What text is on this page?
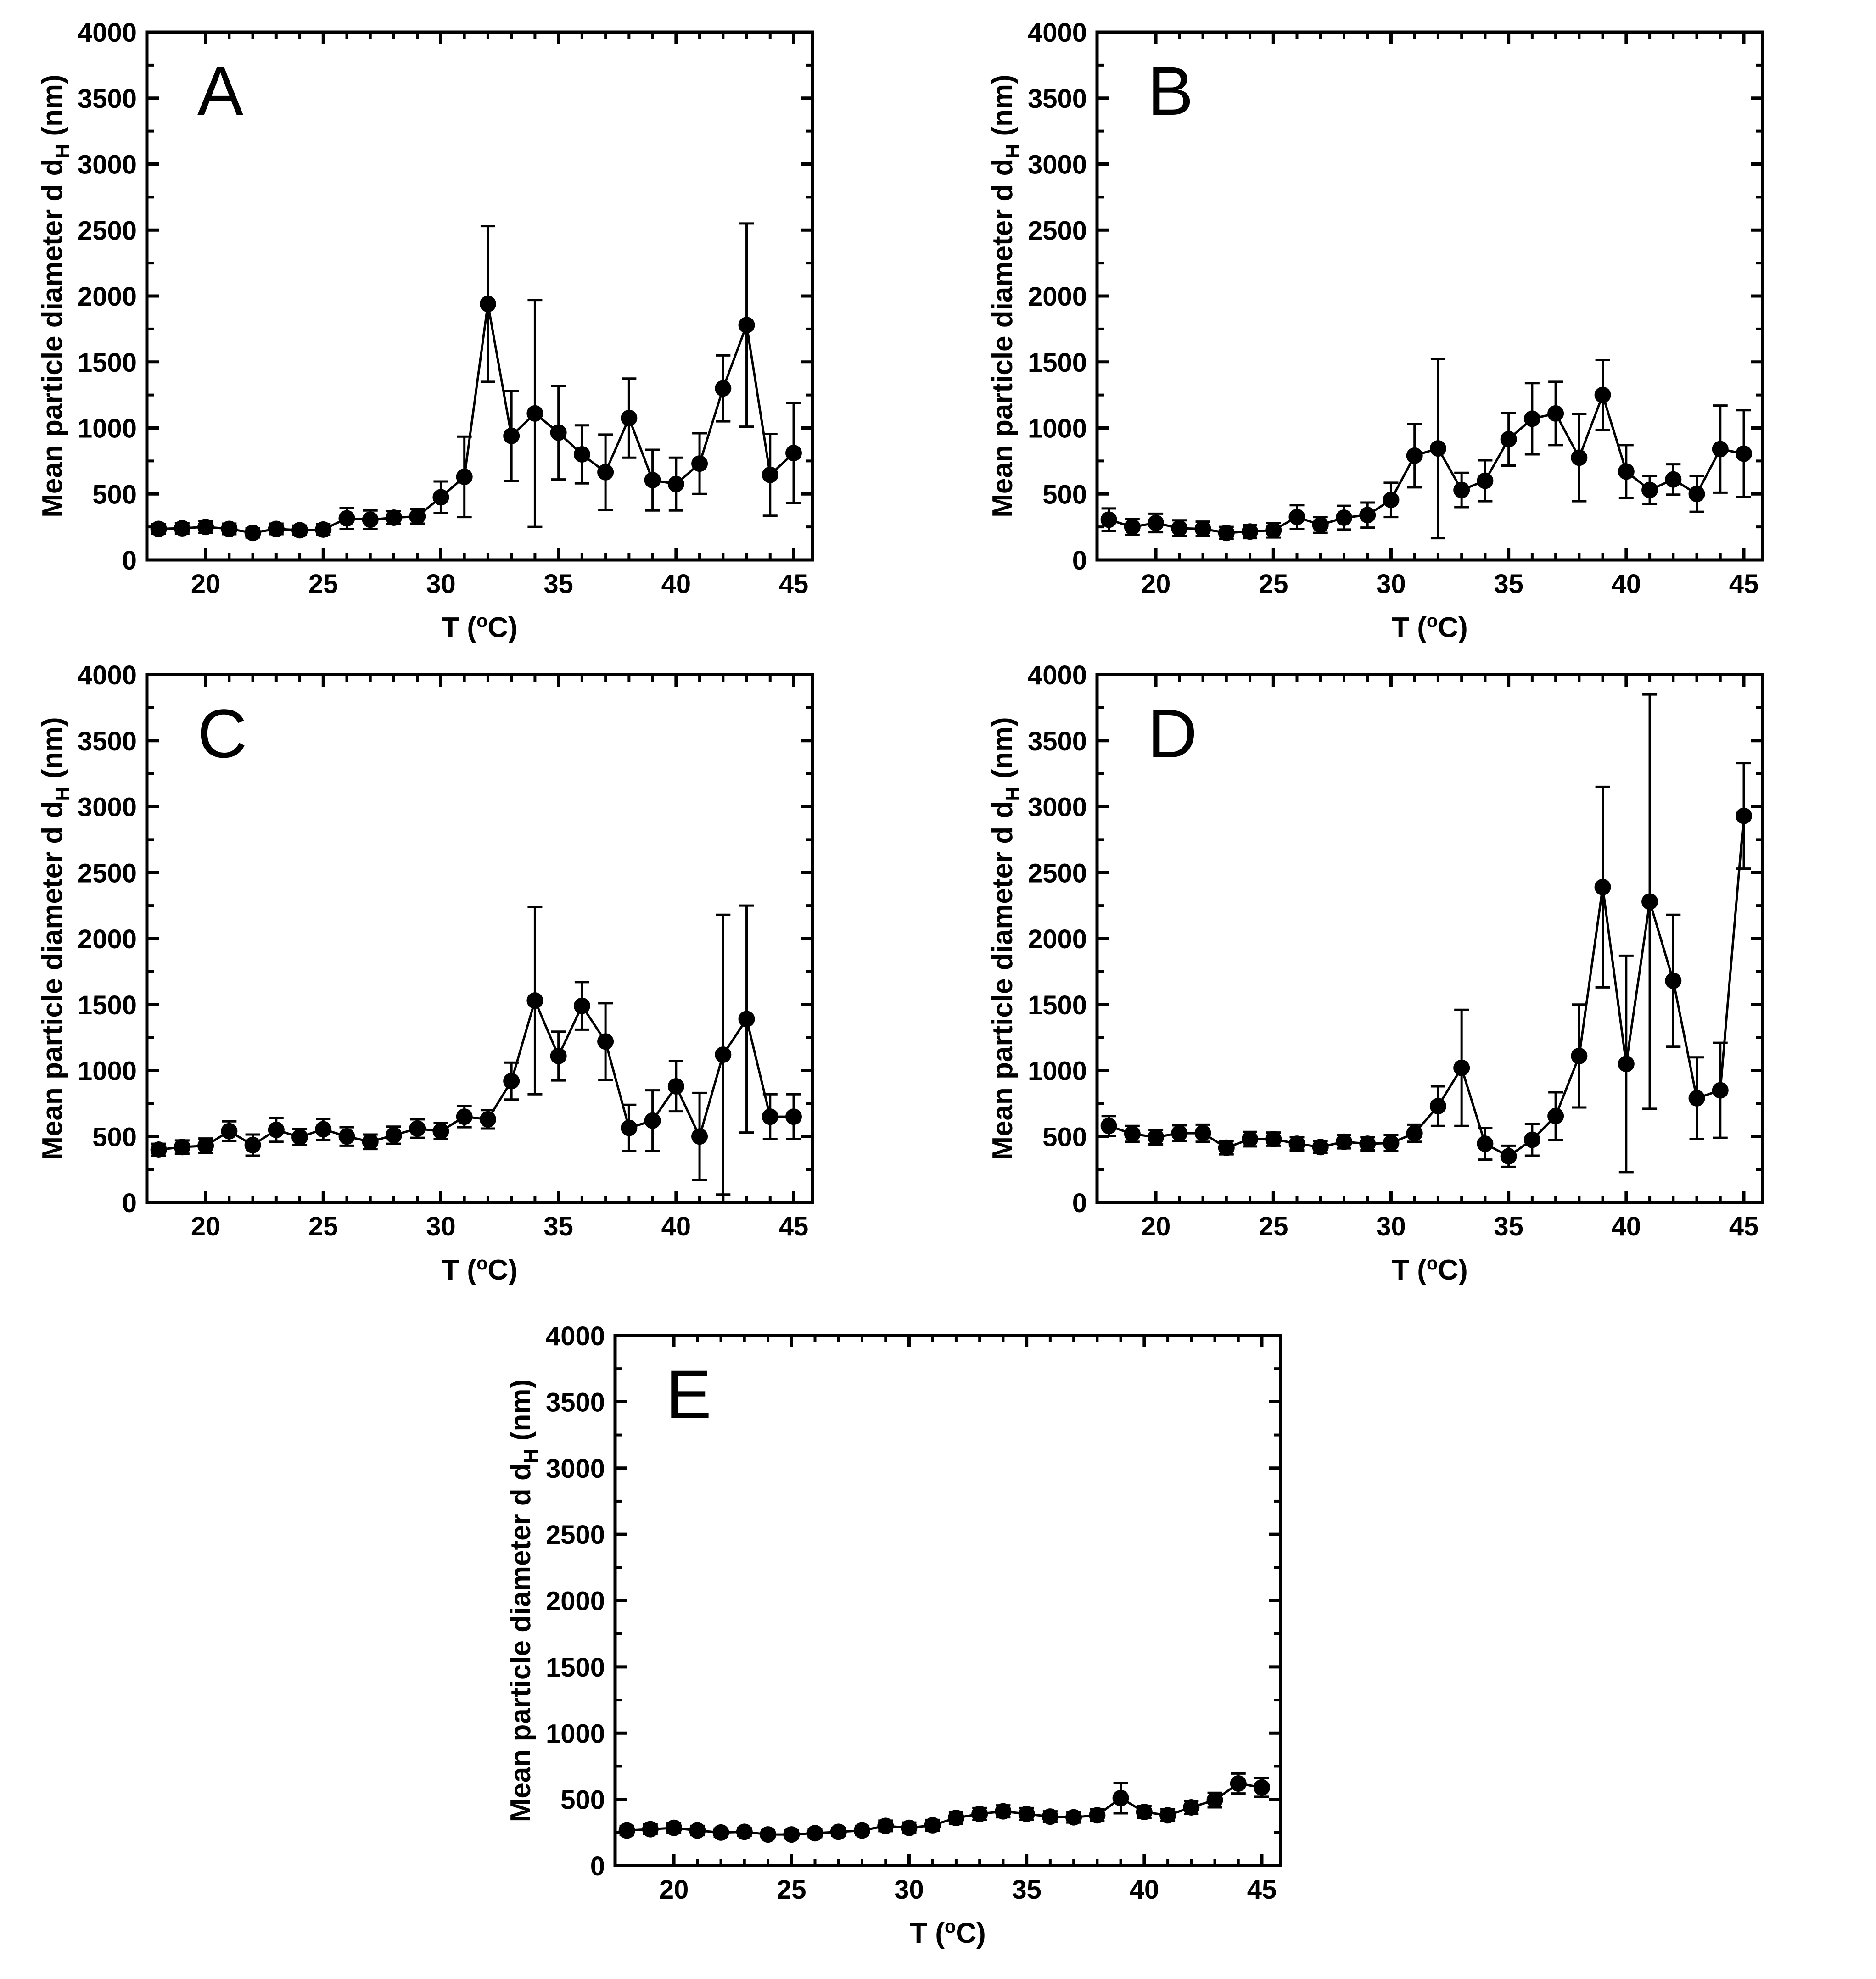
0
500
1000
1500
2000
2500
3000
3500
4000
20	25	30	35	40	45
A
Mean particle diameter d $d_H$ (nm)
T ($^o$C)
0
500
1000
1500
2000
2500
3000
3500
4000
20	25	30	35	40	45
B
Mean particle diameter d $d_H$ (nm)
T ($^o$C)
0
500
1000
1500
2000
2500
3000
3500
4000
20	25	30	35	40	45
C
Mean particle diameter d $d_H$ (nm)
T ($^o$C)
0
500
1000
1500
2000
2500
3000
3500
4000
20	25	30	35	40	45
D
Mean particle diameter d $d_H$ (nm)
T ($^o$C)
0
500
1000
1500
2000
2500
3000
3500
4000
20	25	30	35	40	45
E
Mean particle diameter d $d_H$ (nm)
T ($^o$C)
